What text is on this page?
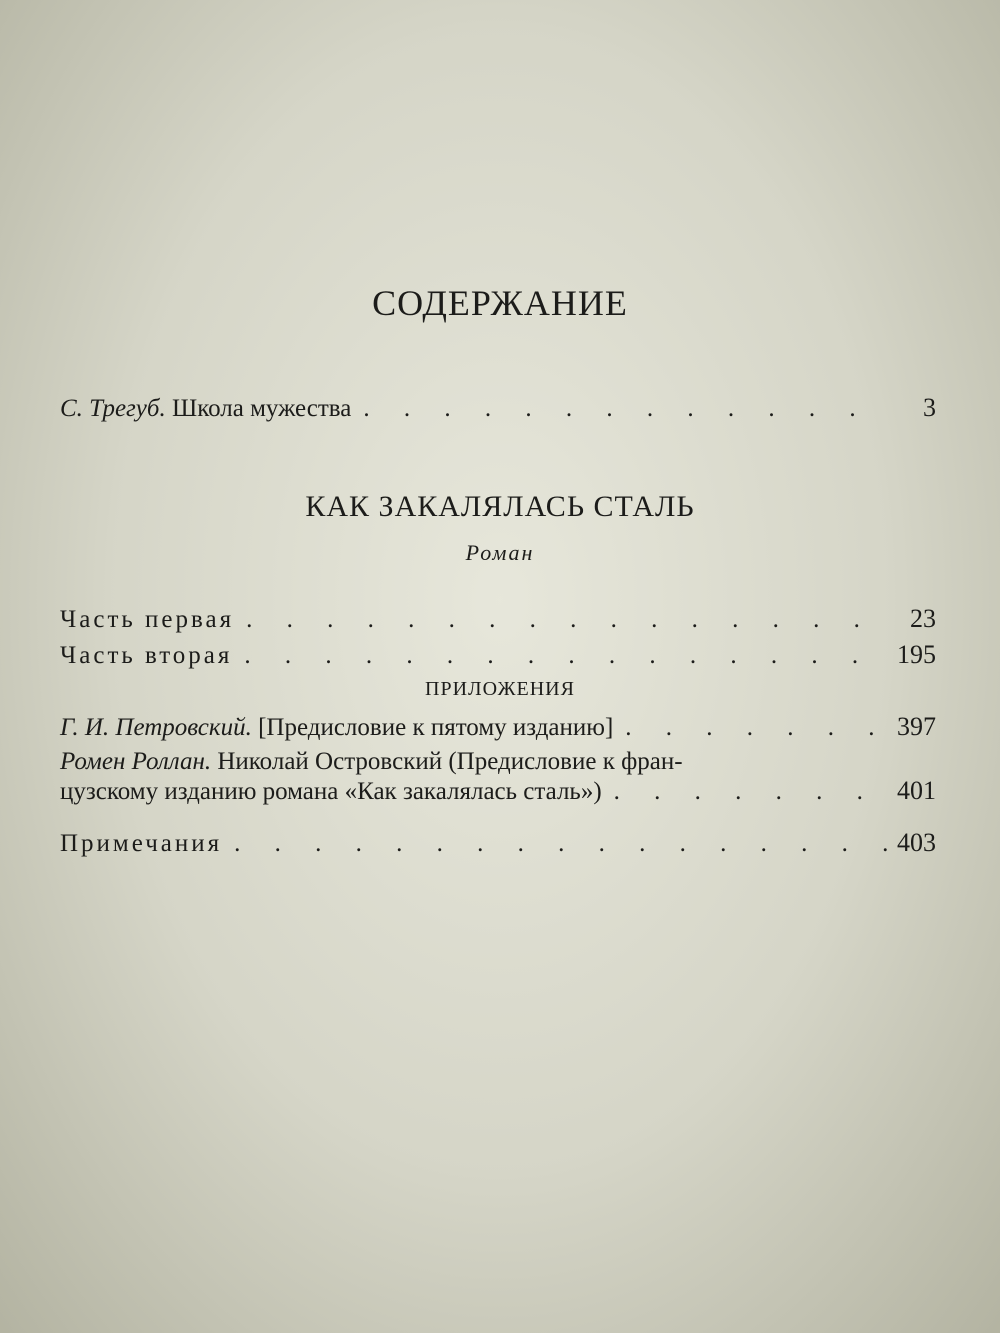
СОДЕРЖАНИЕ
С. Трегуб. Школа мужества . . .	3
КАК ЗАКАЛЯЛАСЬ СТАЛЬ
Роман
Часть первая . . .	23
Часть вторая . . .	195
ПРИЛОЖЕНИЯ
Г. И. Петровский. [Предисловие к пятому изданию] . . .	397
Ромен Роллан. Николай Островский (Предисловие к фран-
цузскому изданию романа «Как закалялась сталь») . . .	401
Примечания . . .	403
